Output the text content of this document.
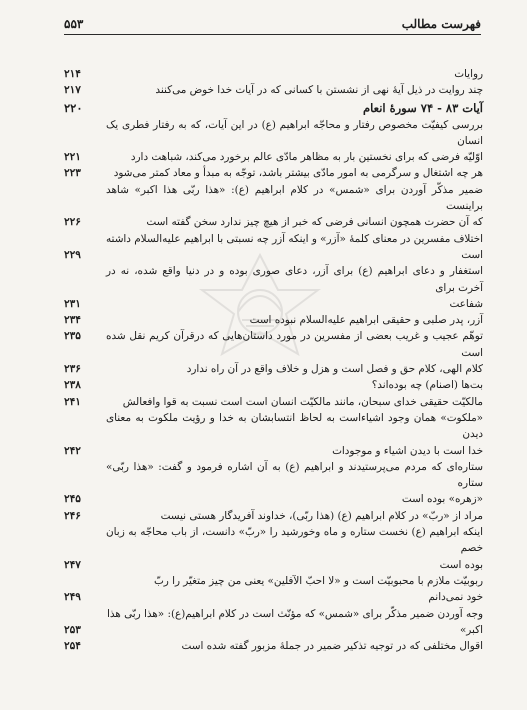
فهرست مطالب
۵۵۳
روایات
۲۱۴
چند روایت در ذیل آیهٔ نهی از نشستن با کسانی که در آیات خدا خوض می‌کنند
۲۱۷
آیات ۸۳ - ۷۴ سورهٔ انعام
۲۲۰
بررسی کیفیّت مخصوص رفتار و محاجّه ابراهیم (ع) در این آیات، که به رفتار فطری یک انسان
اوّلیّه فرضی که برای نخستین بار به مظاهر مادّی عالم برخورد می‌کند، شباهت دارد
۲۲۱
هر چه اشتغال و سرگرمی به امور مادّی بیشتر باشد، توجّه به مبدأ و معاد کمتر می‌شود
۲۲۳
ضمیر مذکّر آوردن برای «شمس» در کلام ابراهیم (ع): «هذا ربّی هذا اکبر» شاهد براینست
که آن حضرت همچون انسانی فرضی که خبر از هیچ چیز ندارد سخن گفته است
۲۲۶
اختلاف مفسرین در معنای کلمهٔ «آزر» و اینکه آزر چه نسبتی با ابراهیم علیه‌السلام داشته
است
۲۲۹
استغفار و دعای ابراهیم (ع) برای آزر، دعای صوری بوده و در دنیا واقع شده، نه در آخرت برای
شفاعت
۲۳۱
آزر، پدر صلبی و حقیقی ابراهیم علیه‌السلام نبوده است
۲۳۴
توهّم عجیب و غریب بعضی از مفسرین در مورد داستان‌هایی که درقرآن کریم نقل شده است
۲۳۵
کلام الهی، کلام حق و فصل است و هزل و خلاف واقع در آن راه ندارد
۲۳۶
بت‌ها (اصنام) چه بوده‌اند؟
۲۳۸
مالکیّت حقیقی خدای سبحان، مانند مالکیّت انسان است است نسبت به قوا وافعالش
۲۴۱
«ملکوت» همان وجود اشیاءاست به لحاظ انتسابشان به خدا و رؤیت ملکوت به معنای دیدن
خدا است با دیدن اشیاء و موجودات
۲۴۲
ستاره‌ای که مردم می‌پرستیدند و ابراهیم (ع) به آن اشاره فرمود و گفت: «هذا ربّی» ستاره
«زهره» بوده است
۲۴۵
مراد از «ربّ» در کلام ابراهیم (ع) (هذا ربّی)، خداوند آفریدگار هستی نیست
۲۴۶
اینکه ابراهیم (ع) نخست ستاره و ماه وخورشید را «ربّ» دانست، از باب محاجّه به زبان خصم
بوده است
۲۴۷
ربوبیّت ملازم با محبوبیّت است و «لا احبّ الآفلین» یعنی من چیز متغیّر را ربّ
خود نمی‌دانم
۲۴۹
وجه آوردن ضمیر مذکّر برای «شمس» که مؤنّث است در کلام ابراهیم(ع): «هذا ربّی هذا
اکبر»
۲۵۳
اقوال مختلفی که در توجیه تذکیر ضمیر در جملهٔ مزبور گفته شده است
۲۵۴
